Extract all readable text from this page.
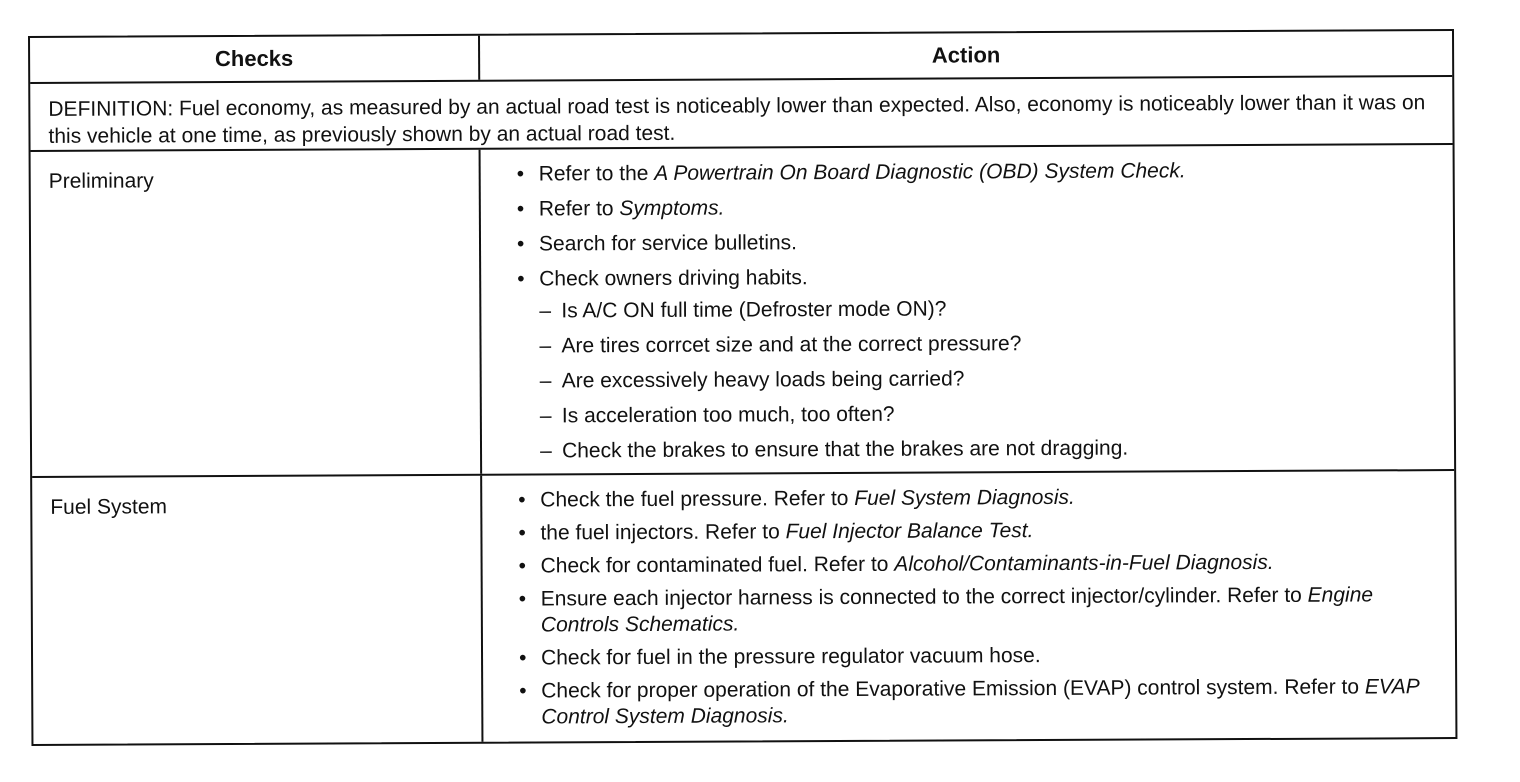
Checks	Action
DEFINITION: Fuel economy, as measured by an actual road test is noticeably lower than expected. Also, economy is noticeably lower than it was on this vehicle at one time, as previously shown by an actual road test.
Preliminary	• Refer to the A Powertrain On Board Diagnostic (OBD) System Check.
• Refer to Symptoms.
• Search for service bulletins.
• Check owners driving habits.
– Is A/C ON full time (Defroster mode ON)?
– Are tires corrcet size and at the correct pressure?
– Are excessively heavy loads being carried?
– Is acceleration too much, too often?
– Check the brakes to ensure that the brakes are not dragging.
Fuel System	• Check the fuel pressure. Refer to Fuel System Diagnosis.
• the fuel injectors. Refer to Fuel Injector Balance Test.
• Check for contaminated fuel. Refer to Alcohol/Contaminants-in-Fuel Diagnosis.
• Ensure each injector harness is connected to the correct injector/cylinder. Refer to Engine Controls Schematics.
• Check for fuel in the pressure regulator vacuum hose.
• Check for proper operation of the Evaporative Emission (EVAP) control system. Refer to EVAP Control System Diagnosis.
